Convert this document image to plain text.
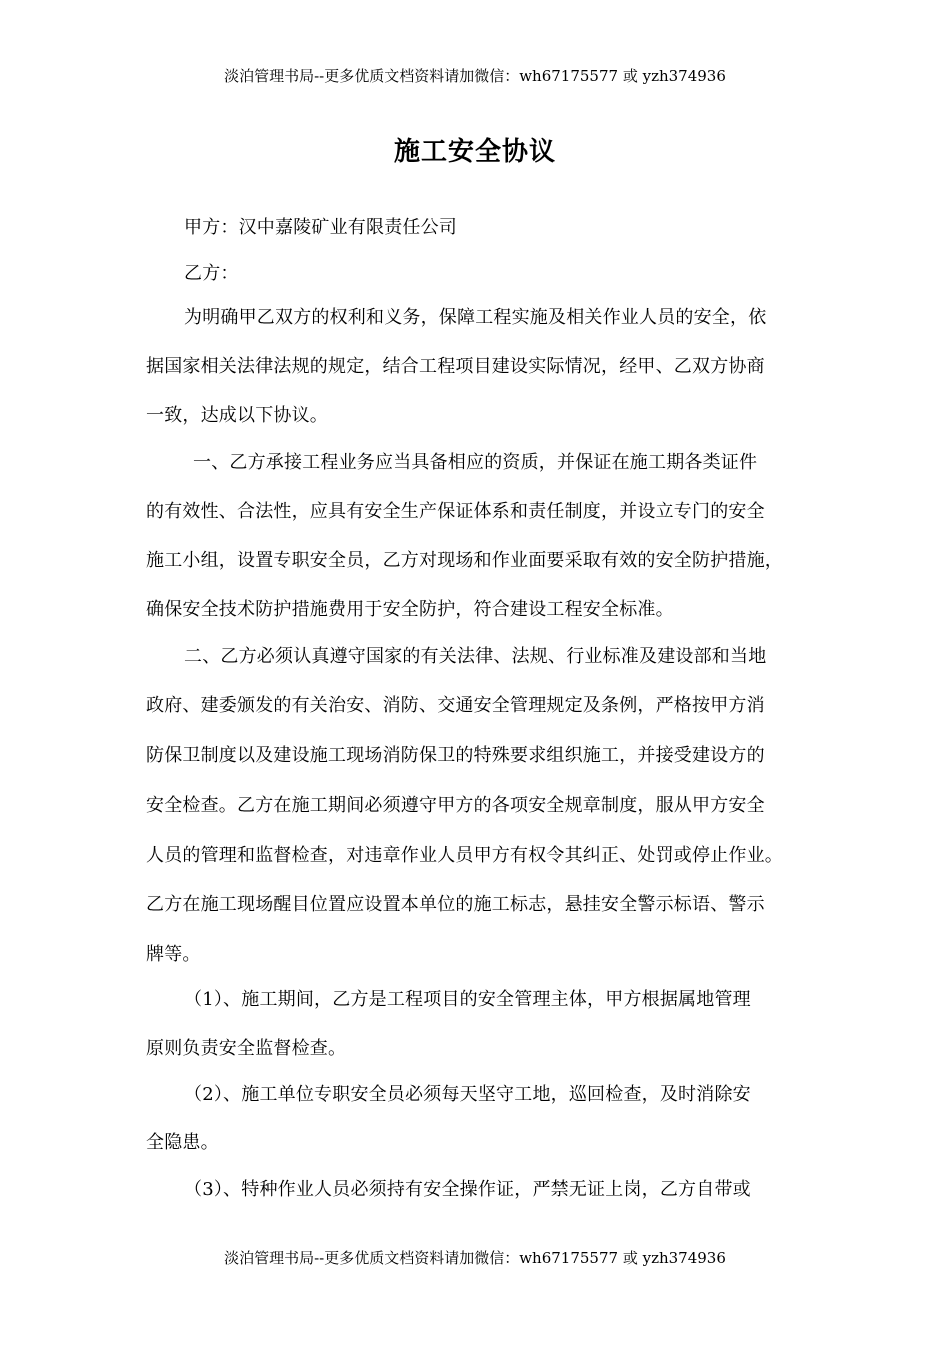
淡泊管理书局--更多优质文档资料请加微信：wh67175577 或 yzh374936
施工安全协议
甲方：汉中嘉陵矿业有限责任公司
乙方：
为明确甲乙双方的权利和义务，保障工程实施及相关作业人员的安全，依
据国家相关法律法规的规定，结合工程项目建设实际情况，经甲、乙双方协商
一致，达成以下协议。
一、乙方承接工程业务应当具备相应的资质，并保证在施工期各类证件
的有效性、合法性，应具有安全生产保证体系和责任制度，并设立专门的安全
施工小组，设置专职安全员，乙方对现场和作业面要采取有效的安全防护措施，
确保安全技术防护措施费用于安全防护，符合建设工程安全标准。
二、乙方必须认真遵守国家的有关法律、法规、行业标准及建设部和当地
政府、建委颁发的有关治安、消防、交通安全管理规定及条例，严格按甲方消
防保卫制度以及建设施工现场消防保卫的特殊要求组织施工，并接受建设方的
安全检查。乙方在施工期间必须遵守甲方的各项安全规章制度，服从甲方安全
人员的管理和监督检查，对违章作业人员甲方有权令其纠正、处罚或停止作业。
乙方在施工现场醒目位置应设置本单位的施工标志，悬挂安全警示标语、警示
牌等。
（1）、施工期间，乙方是工程项目的安全管理主体，甲方根据属地管理
原则负责安全监督检查。
（2）、施工单位专职安全员必须每天坚守工地，巡回检查，及时消除安
全隐患。
（3）、特种作业人员必须持有安全操作证，严禁无证上岗，乙方自带或
淡泊管理书局--更多优质文档资料请加微信：wh67175577 或 yzh374936
